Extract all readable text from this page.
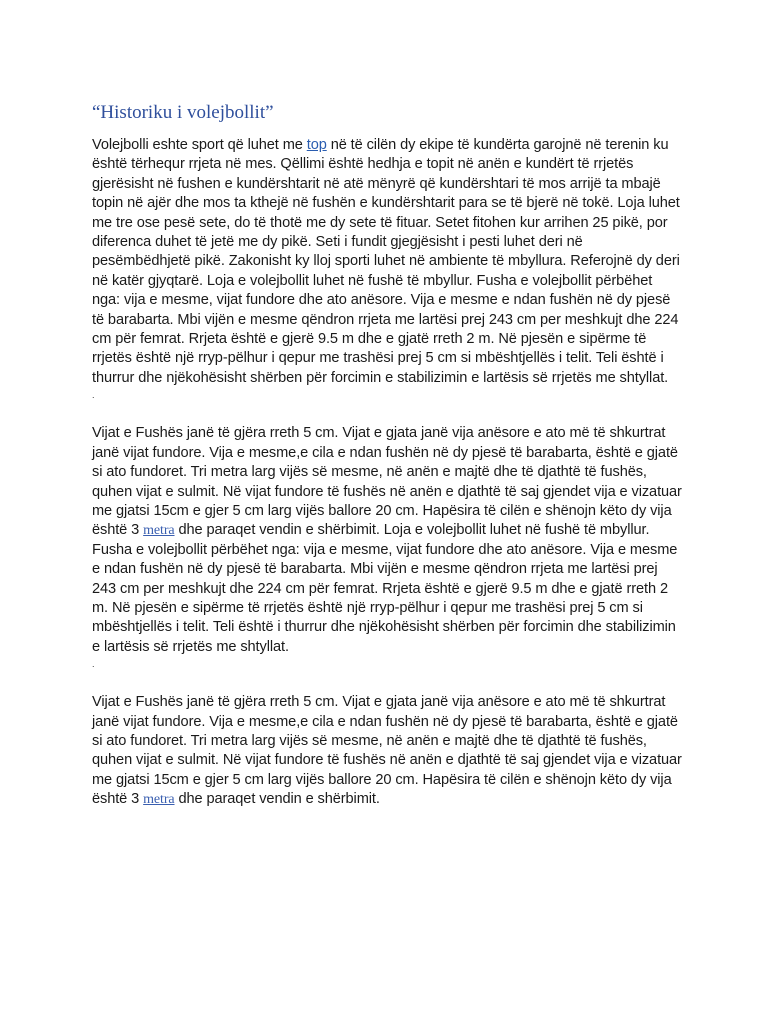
“Historiku i volejbollit”

Volejbolli eshte sport që luhet me top në të cilën dy ekipe të kundërta garojnë në terenin ku është tërhequr rrjeta në mes. Qëllimi është hedhja e topit në anën e kundërt të rrjetës gjerësisht në fushen e kundërshtarit në atë mënyrë që kundërshtari të mos arrijë ta mbajë topin në ajër dhe mos ta kthejë në fushën e kundërshtarit para se të bjerë në tokë. Loja luhet me tre ose pesë sete, do të thotë me dy sete të fituar. Setet fitohen kur arrihen 25 pikë, por diferenca duhet të jetë me dy pikë. Seti i fundit gjegjësisht i pesti luhet deri në pesëmbëdhjetë pikë. Zakonisht ky lloj sporti luhet në ambiente të mbyllura. Referojnë dy deri në katër gjyqtarë. Loja e volejbollit luhet në fushë të mbyllur. Fusha e volejbollit përbëhet nga: vija e mesme, vijat fundore dhe ato anësore. Vija e mesme e ndan fushën në dy pjesë të barabarta. Mbi vijën e mesme qëndron rrjeta me lartësi prej 243 cm per meshkujt dhe 224 cm për femrat. Rrjeta është e gjerë 9.5 m dhe e gjatë rreth 2 m. Në pjesën e sipërme të rrjetës është një rryp-pëlhur i qepur me trashësi prej 5 cm si mbështjellës i telit. Teli është i thurrur dhe njëkohësisht shërben për forcimin e stabilizimin e lartësis së rrjetës me shtyllat.

.

Vijat e Fushës janë të gjëra rreth 5 cm. Vijat e gjata janë vija anësore e ato më të shkurtrat janë vijat fundore. Vija e mesme,e cila e ndan fushën në dy pjesë të barabarta, është e gjatë si ato fundoret. Tri metra larg vijës së mesme, në anën e majtë dhe të djathtë të fushës, quhen vijat e sulmit. Në vijat fundore të fushës në anën e djathtë të saj gjendet vija e vizatuar me gjatsi 15cm e gjer 5 cm larg vijës ballore 20 cm. Hapësira të cilën e shënojn këto dy vija është 3 metra dhe paraqet vendin e shërbimit. Loja e volejbollit luhet në fushë të mbyllur. Fusha e volejbollit përbëhet nga: vija e mesme, vijat fundore dhe ato anësore. Vija e mesme e ndan fushën në dy pjesë të barabarta. Mbi vijën e mesme qëndron rrjeta me lartësi prej 243 cm per meshkujt dhe 224 cm për femrat. Rrjeta është e gjerë 9.5 m dhe e gjatë rreth 2 m. Në pjesën e sipërme të rrjetës është një rryp-pëlhur i qepur me trashësi prej 5 cm si mbështjellës i telit. Teli është i thurrur dhe njëkohësisht shërben për forcimin dhe stabilizimin e lartësis së rrjetës me shtyllat.

.

Vijat e Fushës janë të gjëra rreth 5 cm. Vijat e gjata janë vija anësore e ato më të shkurtrat janë vijat fundore. Vija e mesme,e cila e ndan fushën në dy pjesë të barabarta, është e gjatë si ato fundoret. Tri metra larg vijës së mesme, në anën e majtë dhe të djathtë të fushës, quhen vijat e sulmit. Në vijat fundore të fushës në anën e djathtë të saj gjendet vija e vizatuar me gjatsi 15cm e gjer 5 cm larg vijës ballore 20 cm. Hapësira të cilën e shënojn këto dy vija është 3 metra dhe paraqet vendin e shërbimit.
